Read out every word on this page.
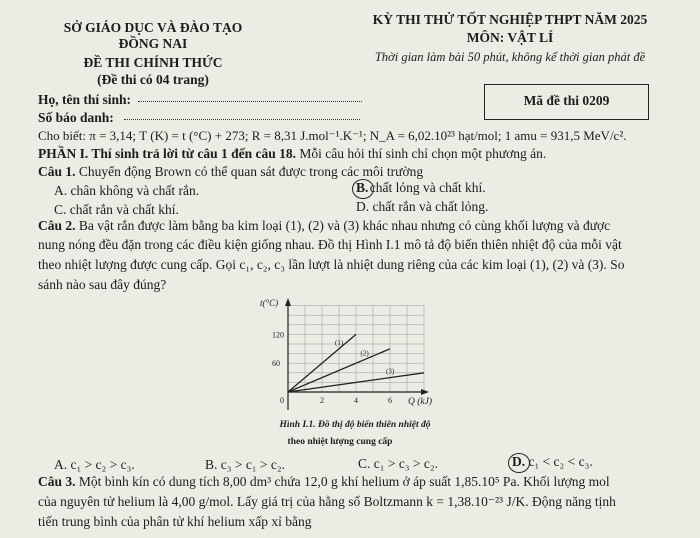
SỞ GIÁO DỤC VÀ ĐÀO TẠO
ĐỒNG NAI
ĐỀ THI CHÍNH THỨC
(Đề thi có 04 trang)
KỲ THI THỬ TỐT NGHIỆP THPT NĂM 2025
MÔN: VẬT LÍ
Thời gian làm bài 50 phút, không kể thời gian phát đề
Họ, tên thí sinh:
Số báo danh:
Mã đề thi 0209
Cho biết: π = 3,14; T (K) = t (°C) + 273; R = 8,31 J.mol⁻¹.K⁻¹; N_A = 6,02.10²³ hạt/mol; 1 amu = 931,5 MeV/c².
PHẦN I. Thí sinh trả lời từ câu 1 đến câu 18. Mỗi câu hỏi thí sinh chỉ chọn một phương án.
Câu 1. Chuyển động Brown có thể quan sát được trong các môi trường
A. chân không và chất rắn.	B. chất lỏng và chất khí.
C. chất rắn và chất khí.	D. chất rắn và chất lỏng.
Câu 2. Ba vật rắn được làm bằng ba kim loại (1), (2) và (3) khác nhau nhưng có cùng khối lượng và được
nung nóng đều đặn trong các điều kiện giống nhau. Đồ thị Hình I.1 mô tả độ biến thiên nhiệt độ của mỗi vật
theo nhiệt lượng được cung cấp. Gọi c₁, c₂, c₃ lần lượt là nhiệt dung riêng của các kim loại (1), (2) và (3). So
sánh nào sau đây đúng?
(1)
(2)
(3)
0	2	4	6
60
120
t(°C)
Q (kJ)
Hình I.1. Đồ thị độ biến thiên nhiệt độ
theo nhiệt lượng cung cấp
A. c₁ > c₂ > c₃.	B. c₃ > c₁ > c₂.	C. c₁ > c₃ > c₂.	D. c₁ < c₂ < c₃.
Câu 3. Một bình kín có dung tích 8,00 dm³ chứa 12,0 g khí helium ở áp suất 1,85.10⁵ Pa. Khối lượng mol
của nguyên tử helium là 4,00 g/mol. Lấy giá trị của hằng số Boltzmann k = 1,38.10⁻²³ J/K. Động năng tịnh
tiến trung bình của phân tử khí helium xấp xỉ bằng
